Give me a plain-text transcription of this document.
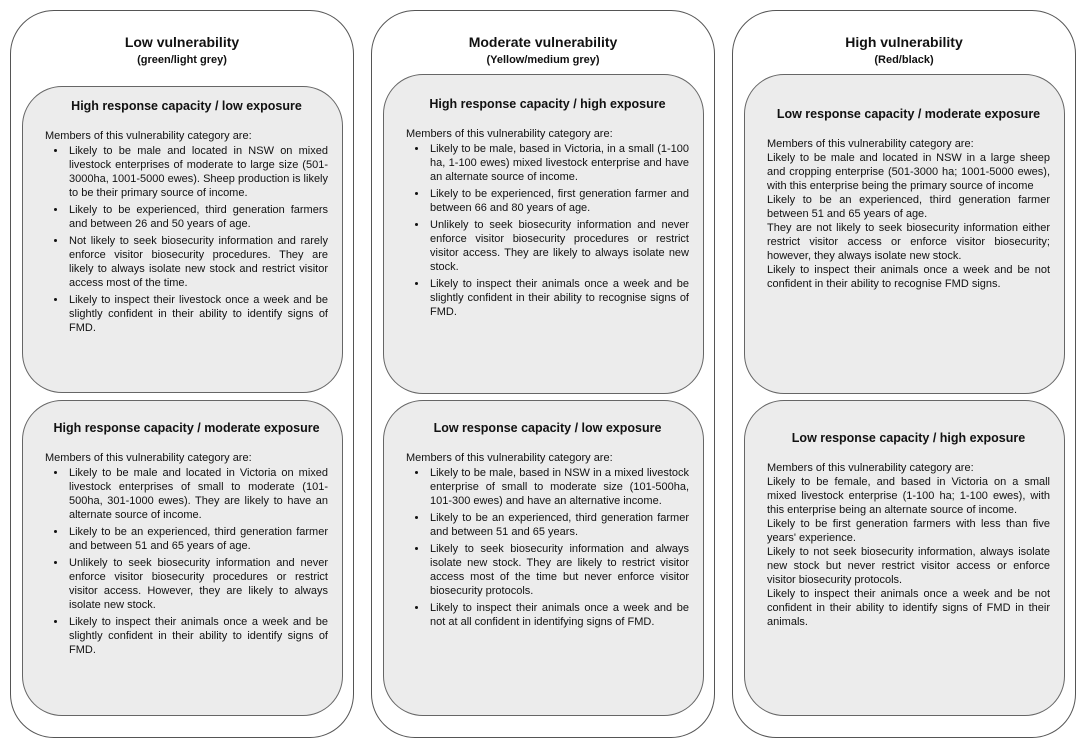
Low vulnerability
(green/light grey)
High response capacity / low exposure
Members of this vulnerability category are:
• Likely to be male and located in NSW on mixed livestock enterprises of moderate to large size (501-3000ha, 1001-5000 ewes). Sheep production is likely to be their primary source of income.
• Likely to be experienced, third generation farmers and between 26 and 50 years of age.
• Not likely to seek biosecurity information and rarely enforce visitor biosecurity procedures. They are likely to always isolate new stock and restrict visitor access most of the time.
• Likely to inspect their livestock once a week and be slightly confident in their ability to identify signs of FMD.
High response capacity / moderate exposure
Members of this vulnerability category are:
• Likely to be male and located in Victoria on mixed livestock enterprises of small to moderate (101-500ha, 301-1000 ewes). They are likely to have an alternate source of income.
• Likely to be an experienced, third generation farmer and between 51 and 65 years of age.
• Unlikely to seek biosecurity information and never enforce visitor biosecurity procedures or restrict visitor access. However, they are likely to always isolate new stock.
• Likely to inspect their animals once a week and be slightly confident in their ability to identify signs of FMD.
Moderate vulnerability
(Yellow/medium grey)
High response capacity / high exposure
Members of this vulnerability category are:
• Likely to be male, based in Victoria, in a small (1-100 ha, 1-100 ewes) mixed livestock enterprise and have an alternate source of income.
• Likely to be experienced, first generation farmer and between 66 and 80 years of age.
• Unlikely to seek biosecurity information and never enforce visitor biosecurity procedures or restrict visitor access. They are likely to always isolate new stock.
• Likely to inspect their animals once a week and be slightly confident in their ability to recognise signs of FMD.
Low response capacity / low exposure
Members of this vulnerability category are:
• Likely to be male, based in NSW in a mixed livestock enterprise of small to moderate size (101-500ha, 101-300 ewes) and have an alternative income.
• Likely to be an experienced, third generation farmer and between 51 and 65 years.
• Likely to seek biosecurity information and always isolate new stock. They are likely to restrict visitor access most of the time but never enforce visitor biosecurity protocols.
• Likely to inspect their animals once a week and be not at all confident in identifying signs of FMD.
High vulnerability
(Red/black)
Low response capacity / moderate exposure
Members of this vulnerability category are:

Likely to be male and located in NSW in a large sheep and cropping enterprise (501-3000 ha; 1001-5000 ewes), with this enterprise being the primary source of income

Likely to be an experienced, third generation farmer between 51 and 65 years of age.

They are not likely to seek biosecurity information either restrict visitor access or enforce visitor biosecurity; however, they always isolate new stock.

Likely to inspect their animals once a week and be not confident in their ability to recognise FMD signs.

Low response capacity / high exposure
Members of this vulnerability category are:

Likely to be female, and based in Victoria on a small mixed livestock enterprise (1-100 ha; 1-100 ewes), with this enterprise being an alternate source of income.

Likely to be first generation farmers with less than five years' experience.

Likely to not seek biosecurity information, always isolate new stock but never restrict visitor access or enforce visitor biosecurity protocols.

Likely to inspect their animals once a week and be not confident in their ability to identify signs of FMD in their animals.
